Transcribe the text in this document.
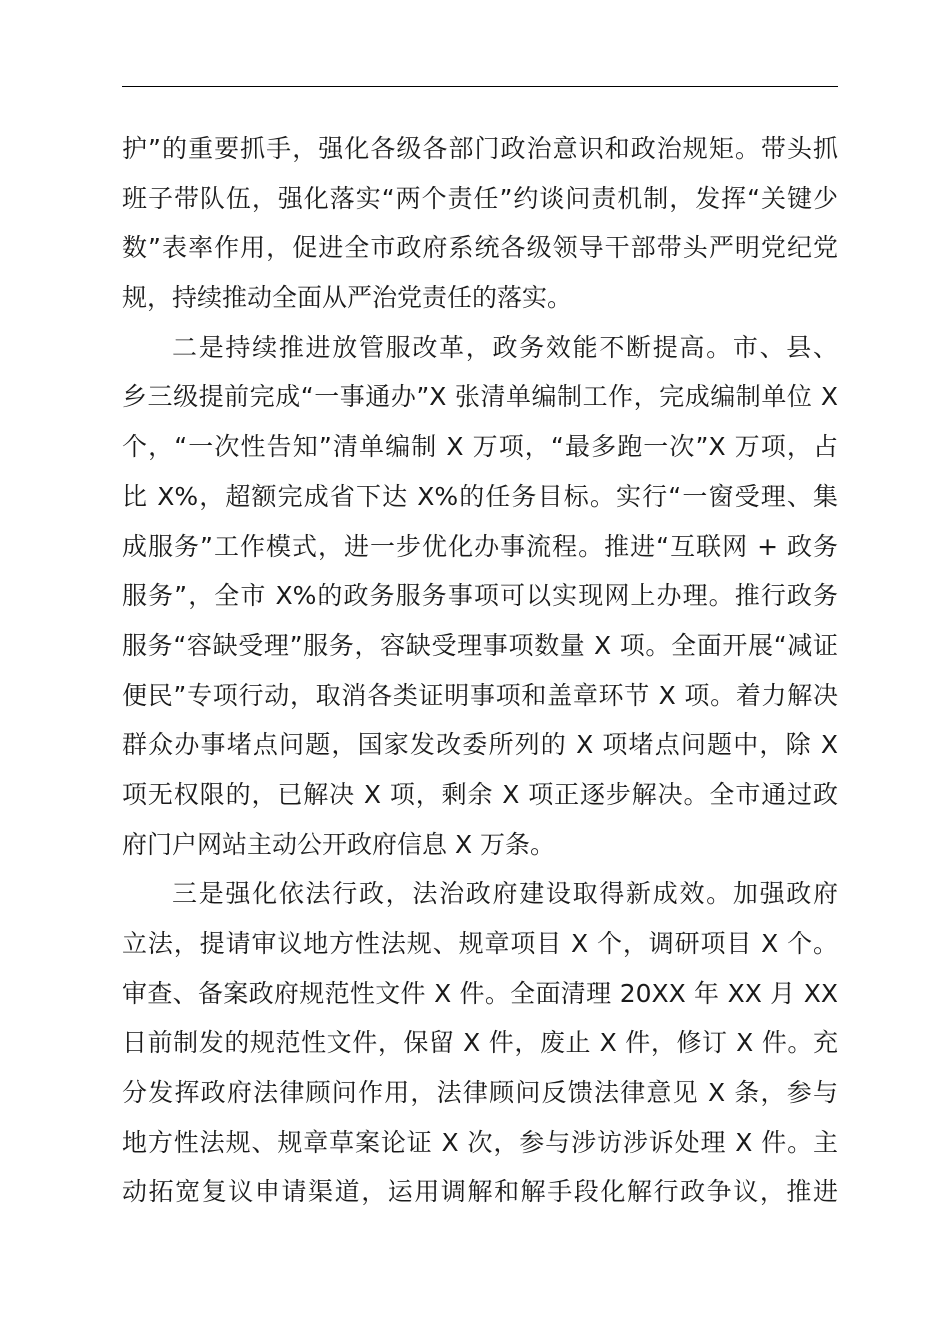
护”的重要抓手，强化各级各部门政治意识和政治规矩。带头抓
班子带队伍，强化落实“两个责任”约谈问责机制，发挥“关键少
数”表率作用，促进全市政府系统各级领导干部带头严明党纪党
规，持续推动全面从严治党责任的落实。
二是持续推进放管服改革，政务效能不断提高。市、县、
乡三级提前完成“一事通办”X 张清单编制工作，完成编制单位 X
个，“一次性告知”清单编制 X 万项，“最多跑一次”X 万项，占
比 X%，超额完成省下达 X%的任务目标。实行“一窗受理、集
成服务”工作模式，进一步优化办事流程。推进“互联网 + 政务
服务”，全市 X%的政务服务事项可以实现网上办理。推行政务
服务“容缺受理”服务，容缺受理事项数量 X 项。全面开展“减证
便民”专项行动，取消各类证明事项和盖章环节 X 项。着力解决
群众办事堵点问题，国家发改委所列的 X 项堵点问题中，除 X
项无权限的，已解决 X 项，剩余 X 项正逐步解决。全市通过政
府门户网站主动公开政府信息 X 万条。
三是强化依法行政，法治政府建设取得新成效。加强政府
立法，提请审议地方性法规、规章项目 X 个，调研项目 X 个。
审查、备案政府规范性文件 X 件。全面清理 20XX 年 XX 月 XX
日前制发的规范性文件，保留 X 件，废止 X 件，修订 X 件。充
分发挥政府法律顾问作用，法律顾问反馈法律意见 X 条，参与
地方性法规、规章草案论证 X 次，参与涉访涉诉处理 X 件。主
动拓宽复议申请渠道，运用调解和解手段化解行政争议，推进
